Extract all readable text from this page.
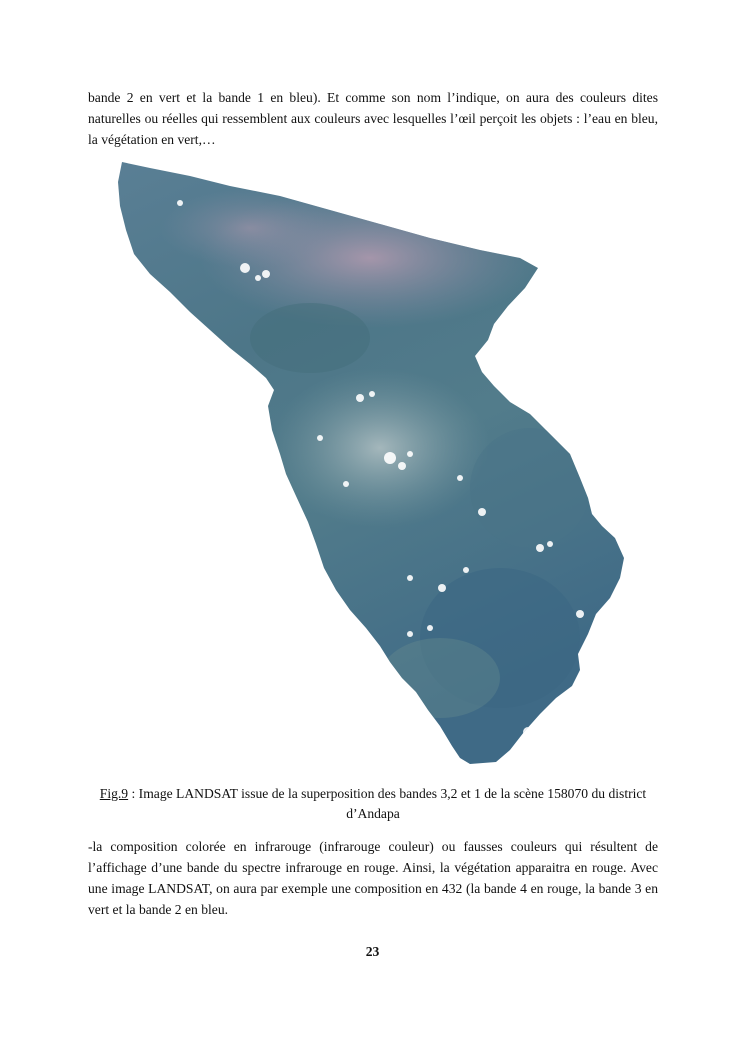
bande 2 en vert et la bande 1 en bleu). Et comme son nom l’indique, on aura des couleurs dites naturelles ou réelles qui ressemblent aux couleurs avec lesquelles l’œil perçoit les objets : l’eau en bleu, la végétation en vert,…

Fig.9 : Image LANDSAT issue de la superposition des bandes 3,2 et 1 de la scène 158070 du district d’Andapa

-la composition colorée en infrarouge (infrarouge couleur) ou fausses couleurs qui résultent de l’affichage d’une bande du spectre infrarouge en rouge. Ainsi, la végétation apparaitra en rouge. Avec une image LANDSAT, on aura par exemple une composition en 432 (la bande 4 en rouge, la bande 3 en vert et la bande 2 en bleu.

23
